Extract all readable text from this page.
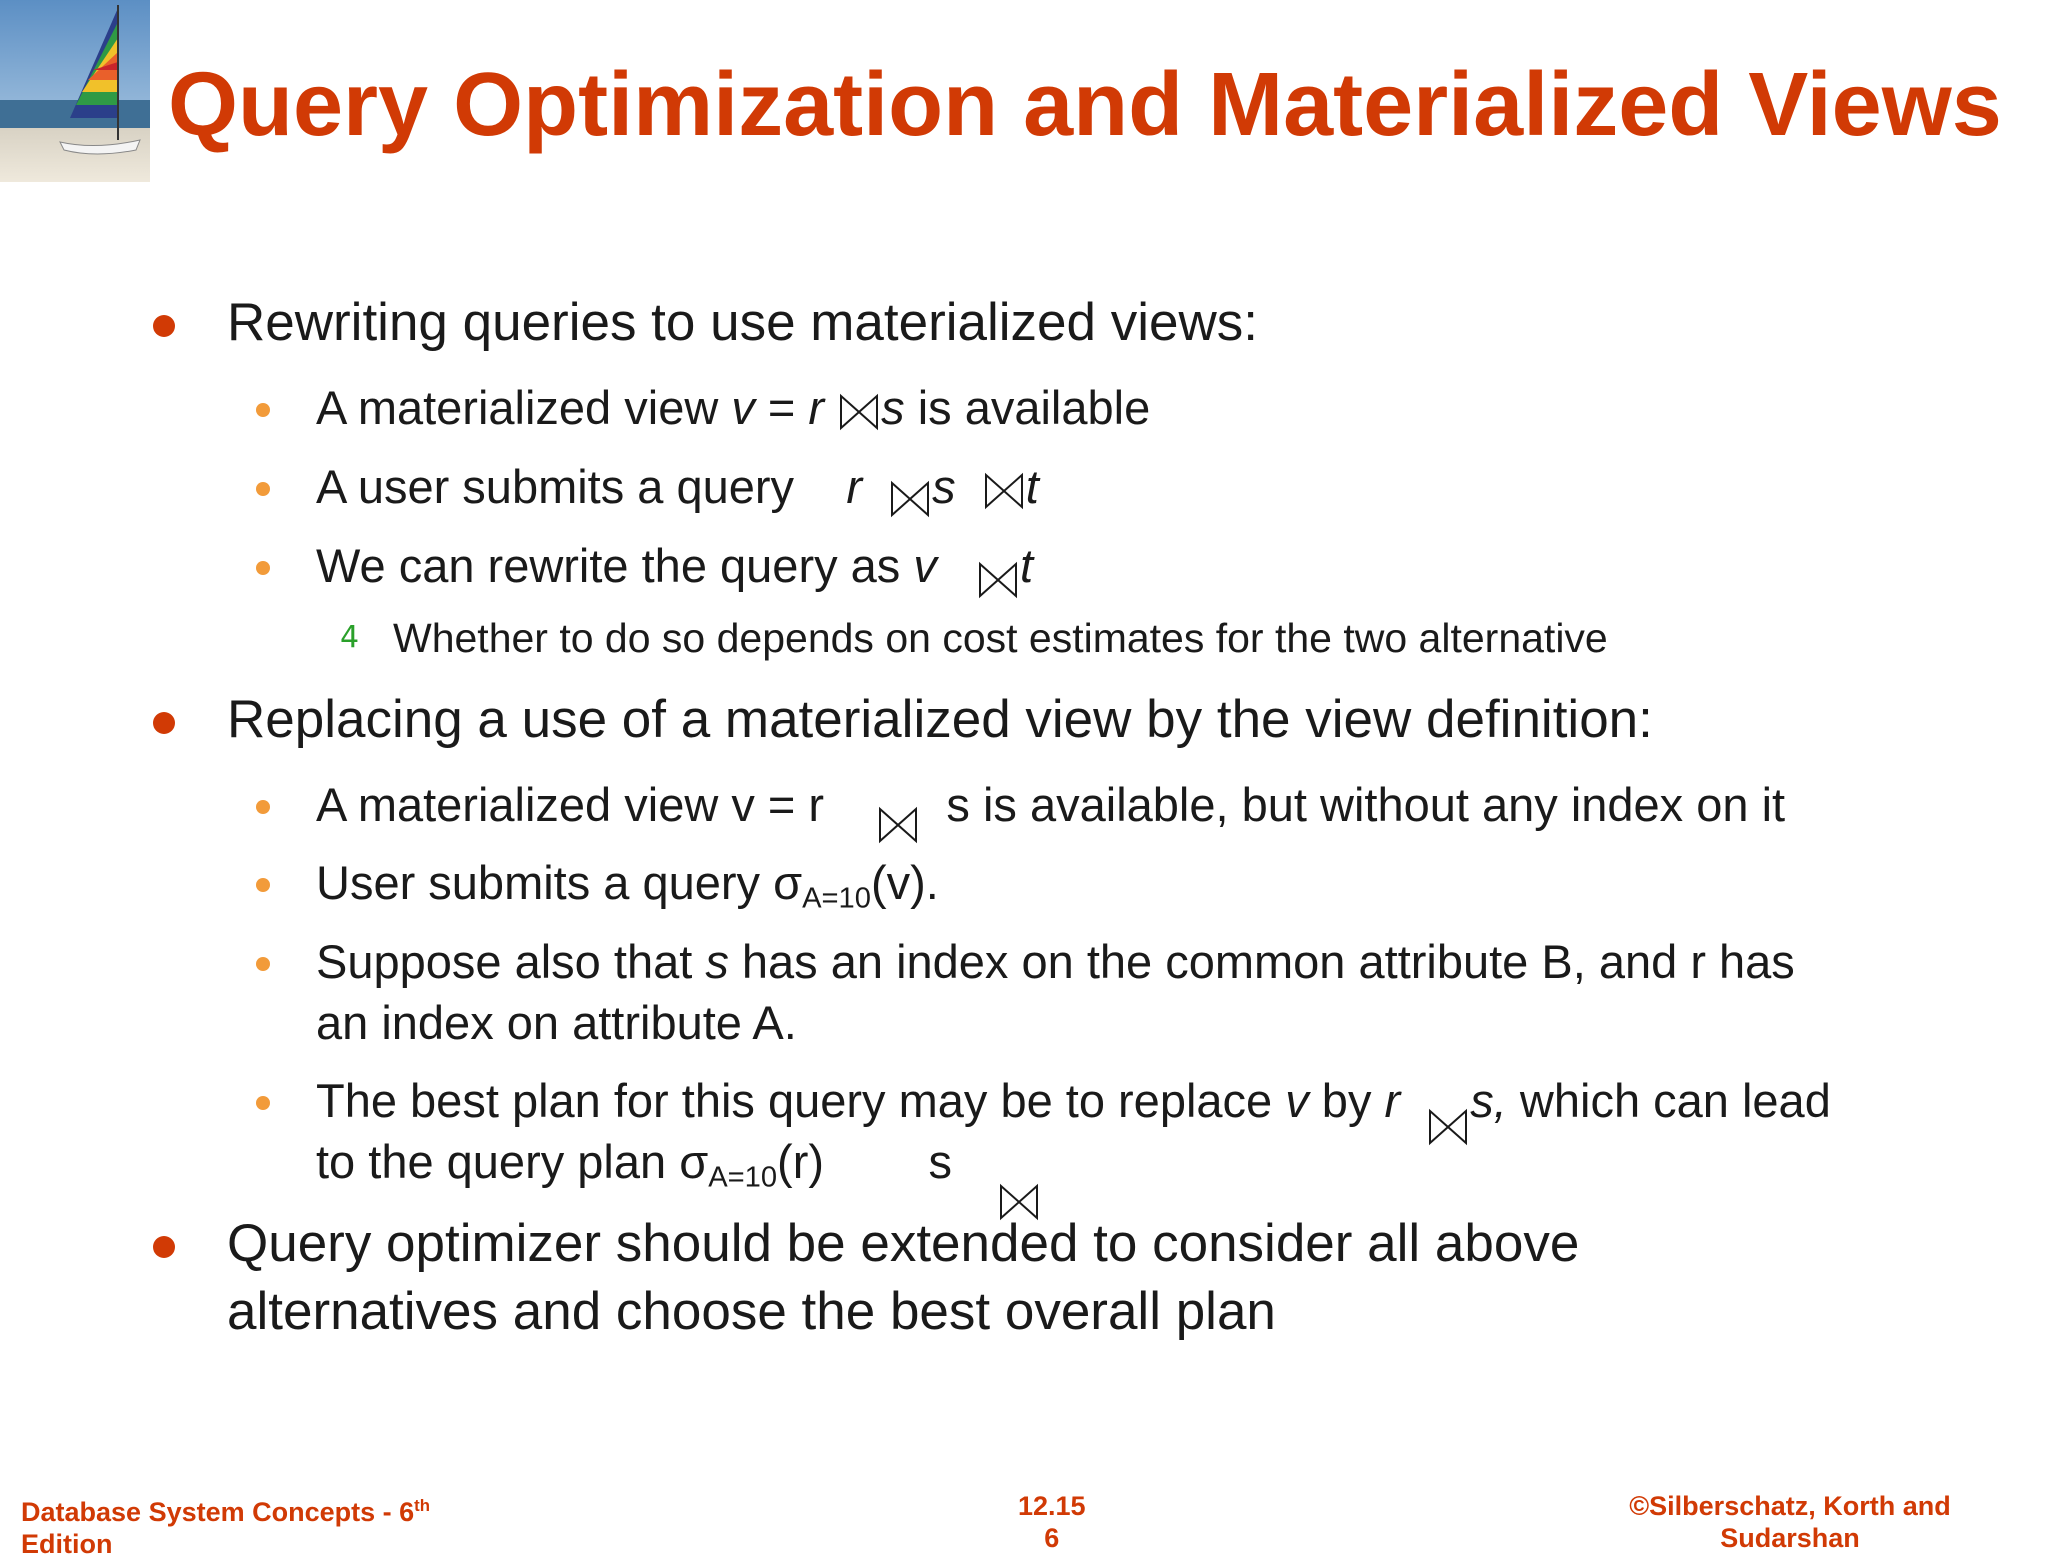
Query Optimization and Materialized Views
Rewriting queries to use materialized views:
A materialized view v = r s is available
A user submits a query    r s t
We can rewrite the query as v t
4 Whether to do so depends on cost estimates for the two alternative
Replacing a use of a materialized view by the view definition:
A materialized view v = r	s is available, but without any index on it
User submits a query $\sigma_{A=10}(v)$.
Suppose also that s has an index on the common attribute B, and r has
an index on attribute A.
The best plan for this query may be to replace v by r s, which can lead
to the query plan $\sigma_{A=10}(r)$ s
Query optimizer should be extended to consider all above
alternatives and choose the best overall plan
Database System Concepts - 6th
Edition
12.15
6
©Silberschatz, Korth and
Sudarshan
